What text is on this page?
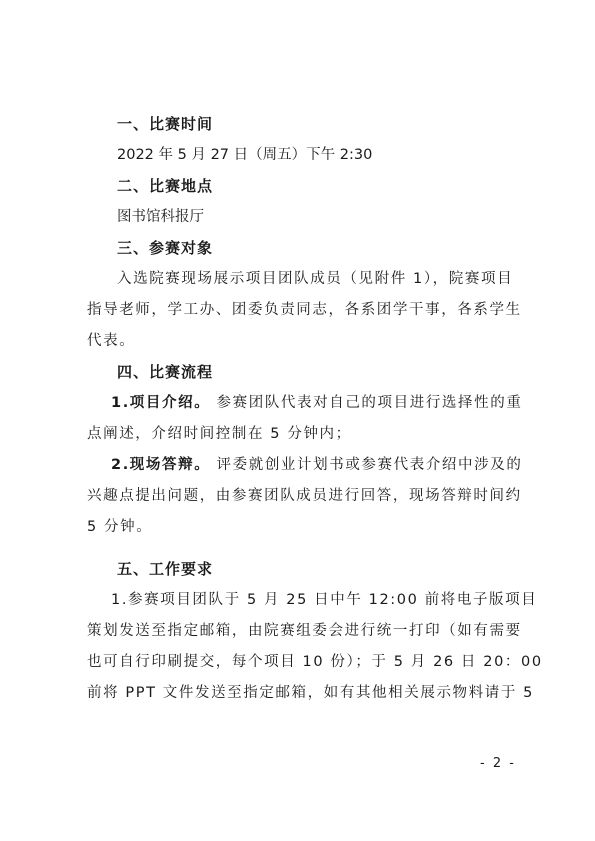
一、比赛时间
2022 年 5 月 27 日（周五）下午 2:30
二、比赛地点
图书馆科报厅
三、参赛对象
入选院赛现场展示项目团队成员（见附件 1），院赛项目
指导老师，学工办、团委负责同志，各系团学干事，各系学生
代表。
四、比赛流程
1.项目介绍。 参赛团队代表对自己的项目进行选择性的重
点阐述，介绍时间控制在 5 分钟内；
2.现场答辩。 评委就创业计划书或参赛代表介绍中涉及的
兴趣点提出问题，由参赛团队成员进行回答，现场答辩时间约
5 分钟。
五、工作要求
1.参赛项目团队于 5 月 25 日中午 12:00 前将电子版项目
策划发送至指定邮箱，由院赛组委会进行统一打印（如有需要
也可自行印刷提交，每个项目 10 份）；于 5 月 26 日 20：00
前将 PPT 文件发送至指定邮箱，如有其他相关展示物料请于 5
- 2 -
